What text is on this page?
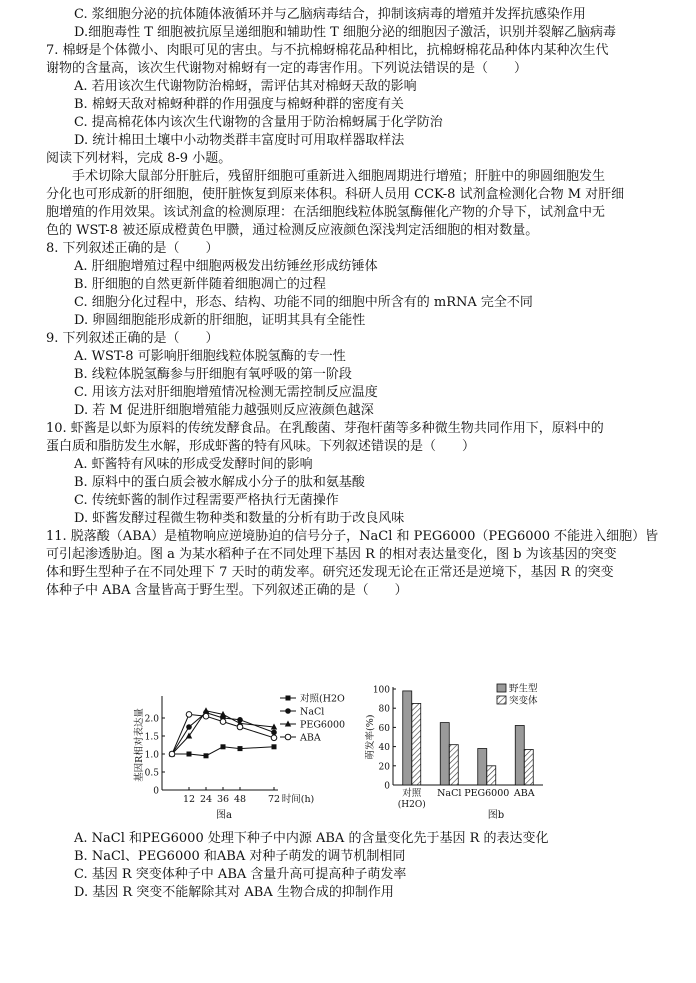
C. 浆细胞分泌的抗体随体液循环并与乙脑病毒结合，抑制该病毒的增殖并发挥抗感染作用
D.细胞毒性 T 细胞被抗原呈递细胞和辅助性 T 细胞分泌的细胞因子激活，识别并裂解乙脑病毒
7. 棉蚜是个体微小、肉眼可见的害虫。与不抗棉蚜棉花品种相比，抗棉蚜棉花品种体内某种次生代
谢物的含量高，该次生代谢物对棉蚜有一定的毒害作用。下列说法错误的是（　　）
A. 若用该次生代谢物防治棉蚜，需评估其对棉蚜天敌的影响
B. 棉蚜天敌对棉蚜种群的作用强度与棉蚜种群的密度有关
C. 提高棉花体内该次生代谢物的含量用于防治棉蚜属于化学防治
D. 统计棉田土壤中小动物类群丰富度时可用取样器取样法
阅读下列材料，完成 8-9 小题。
手术切除大鼠部分肝脏后，残留肝细胞可重新进入细胞周期进行增殖；肝脏中的卵圆细胞发生
分化也可形成新的肝细胞，使肝脏恢复到原来体积。科研人员用 CCK-8 试剂盒检测化合物 M 对肝细
胞增殖的作用效果。该试剂盒的检测原理：在活细胞线粒体脱氢酶催化产物的介导下，试剂盒中无
色的 WST-8 被还原成橙黄色甲臜，通过检测反应液颜色深浅判定活细胞的相对数量。
8. 下列叙述正确的是（　　）
A. 肝细胞增殖过程中细胞两极发出纺锤丝形成纺锤体
B. 肝细胞的自然更新伴随着细胞凋亡的过程
C. 细胞分化过程中，形态、结构、功能不同的细胞中所含有的 mRNA 完全不同
D. 卵圆细胞能形成新的肝细胞，证明其具有全能性
9. 下列叙述正确的是（　　）
A. WST-8 可影响肝细胞线粒体脱氢酶的专一性
B. 线粒体脱氢酶参与肝细胞有氧呼吸的第一阶段
C. 用该方法对肝细胞增殖情况检测无需控制反应温度
D. 若 M 促进肝细胞增殖能力越强则反应液颜色越深
10. 虾酱是以虾为原料的传统发酵食品。在乳酸菌、芽孢杆菌等多种微生物共同作用下，原料中的
蛋白质和脂肪发生水解，形成虾酱的特有风味。下列叙述错误的是（　　）
A. 虾酱特有风味的形成受发酵时间的影响
B. 原料中的蛋白质会被水解成小分子的肽和氨基酸
C. 传统虾酱的制作过程需要严格执行无菌操作
D. 虾酱发酵过程微生物种类和数量的分析有助于改良风味
11. 脱落酸（ABA）是植物响应逆境胁迫的信号分子，NaCl 和 PEG6000（PEG6000 不能进入细胞）皆
可引起渗透胁迫。图 a 为某水稻种子在不同处理下基因 R 的相对表达量变化，图 b 为该基因的突变
体和野生型种子在不同处理下 7 天时的萌发率。研究还发现无论在正常还是逆境下，基因 R 的突变
体种子中 ABA 含量皆高于野生型。下列叙述正确的是（　　）
A. NaCl 和PEG6000 处理下种子中内源 ABA 的含量变化先于基因 R 的表达变化
B. NaCl、PEG6000 和ABA 对种子萌发的调节机制相同
C. 基因 R 突变体种子中 ABA 含量升高可提高种子萌发率
D. 基因 R 突变不能解除其对 ABA 生物合成的抑制作用
0
0.5
1.0
1.5
2.0
12 24 36 48 72 时间(h)
基因R相对表达量
图a
对照(H2O)
NaCl
PEG6000
ABA
0
20
40
60
80
100
萌发率(%)
对照
(H2O)
NaCl PEG6000 ABA
图b
野生型
突变体
